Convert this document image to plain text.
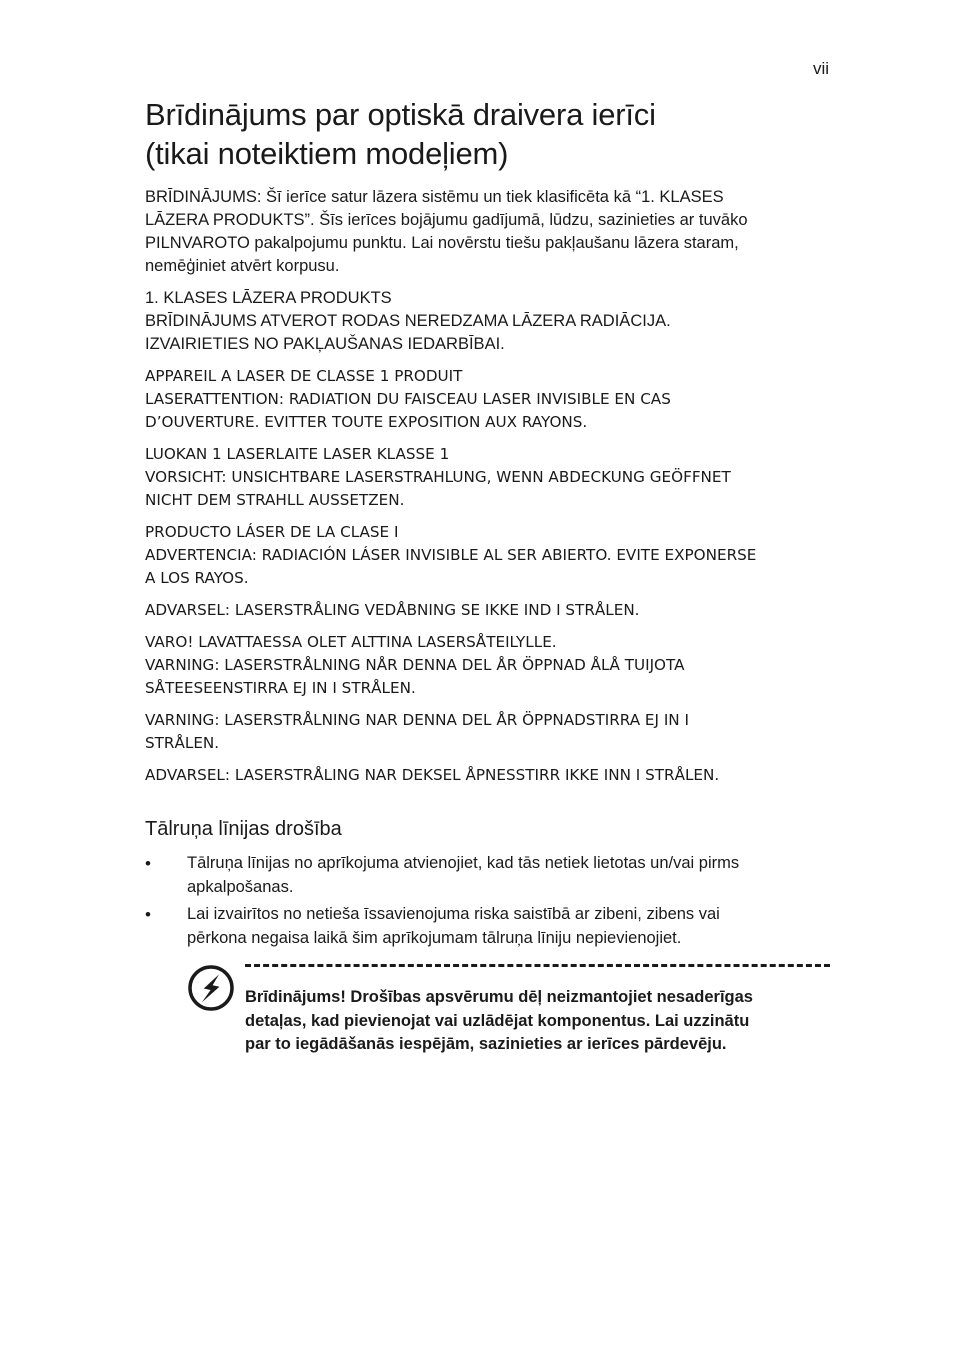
vii
Brīdinājums par optiskā draivera ierīci
(tikai noteiktiem modeļiem)
BRĪDINĀJUMS: Šī ierīce satur lāzera sistēmu un tiek klasificēta kā “1. KLASES
LĀZERA PRODUKTS”. Šīs ierīces bojājumu gadījumā, lūdzu, sazinieties ar tuvāko
PILNVAROTO pakalpojumu punktu. Lai novērstu tiešu pakļaušanu lāzera staram,
nemēģiniet atvērt korpusu.
1. KLASES LĀZERA PRODUKTS
BRĪDINĀJUMS ATVEROT RODAS NEREDZAMA LĀZERA RADIĀCIJA.
IZVAIRIETIES NO PAKĻAUŠANAS IEDARBĪBAI.
APPAREIL A LASER DE CLASSE 1 PRODUIT
LASERATTENTION: RADIATION DU FAISCEAU LASER INVISIBLE EN CAS
D’OUVERTURE. EVITTER TOUTE EXPOSITION AUX RAYONS.
LUOKAN 1 LASERLAITE LASER KLASSE 1
VORSICHT: UNSICHTBARE LASERSTRAHLUNG, WENN ABDECKUNG GEÖFFNET
NICHT DEM STRAHLL AUSSETZEN.
PRODUCTO LÁSER DE LA CLASE I
ADVERTENCIA: RADIACIÓN LÁSER INVISIBLE AL SER ABIERTO. EVITE EXPONERSE
A LOS RAYOS.
ADVARSEL: LASERSTRÅLING VEDÅBNING SE IKKE IND I STRÅLEN.
VARO! LAVATTAESSA OLET ALTTINA LASERSÅTEILYLLE.
VARNING: LASERSTRÅLNING NÅR DENNA DEL ÅR ÖPPNAD ÅLÅ TUIJOTA
SÅTEESEENSTIRRA EJ IN I STRÅLEN.
VARNING: LASERSTRÅLNING NAR DENNA DEL ÅR ÖPPNADSTIRRA EJ IN I
STRÅLEN.
ADVARSEL: LASERSTRÅLING NAR DEKSEL ÅPNESSTIRR IKKE INN I STRÅLEN.
Tālruņa līnijas drošība
• Tālruņa līnijas no aprīkojuma atvienojiet, kad tās netiek lietotas un/vai pirms
apkalpošanas.
• Lai izvairītos no netieša īssavienojuma riska saistībā ar zibeni, zibens vai
pērkona negaisa laikā šim aprīkojumam tālruņa līniju nepievienojiet.
Brīdinājums! Drošības apsvērumu dēļ neizmantojiet nesaderīgas
detaļas, kad pievienojat vai uzlādējat komponentus. Lai uzzinātu
par to iegādāšanās iespējām, sazinieties ar ierīces pārdevēju.
